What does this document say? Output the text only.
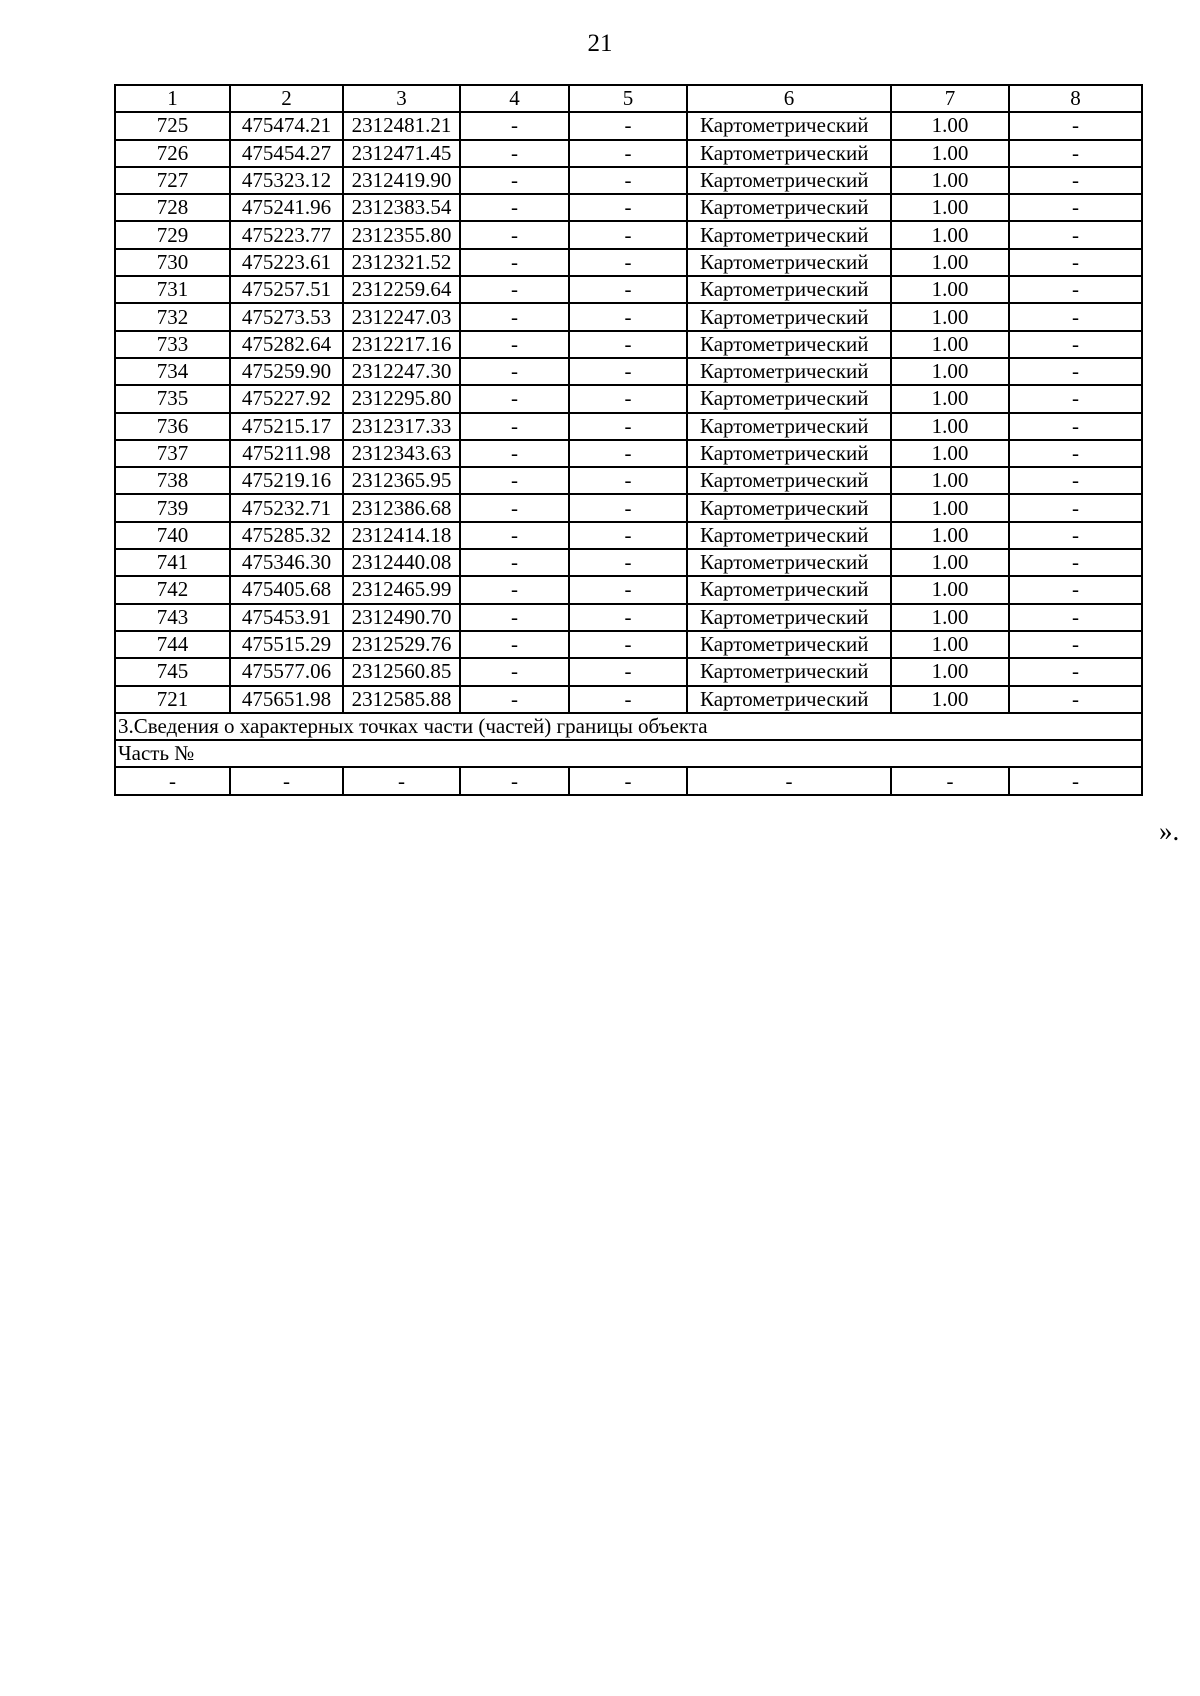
21
1	2	3	4	5	6	7	8
725	475474.21	2312481.21	-	-	Картометрический	1.00	-
726	475454.27	2312471.45	-	-	Картометрический	1.00	-
727	475323.12	2312419.90	-	-	Картометрический	1.00	-
728	475241.96	2312383.54	-	-	Картометрический	1.00	-
729	475223.77	2312355.80	-	-	Картометрический	1.00	-
730	475223.61	2312321.52	-	-	Картометрический	1.00	-
731	475257.51	2312259.64	-	-	Картометрический	1.00	-
732	475273.53	2312247.03	-	-	Картометрический	1.00	-
733	475282.64	2312217.16	-	-	Картометрический	1.00	-
734	475259.90	2312247.30	-	-	Картометрический	1.00	-
735	475227.92	2312295.80	-	-	Картометрический	1.00	-
736	475215.17	2312317.33	-	-	Картометрический	1.00	-
737	475211.98	2312343.63	-	-	Картометрический	1.00	-
738	475219.16	2312365.95	-	-	Картометрический	1.00	-
739	475232.71	2312386.68	-	-	Картометрический	1.00	-
740	475285.32	2312414.18	-	-	Картометрический	1.00	-
741	475346.30	2312440.08	-	-	Картометрический	1.00	-
742	475405.68	2312465.99	-	-	Картометрический	1.00	-
743	475453.91	2312490.70	-	-	Картометрический	1.00	-
744	475515.29	2312529.76	-	-	Картометрический	1.00	-
745	475577.06	2312560.85	-	-	Картометрический	1.00	-
721	475651.98	2312585.88	-	-	Картометрический	1.00	-
3.Сведения о характерных точках части (частей) границы объекта							
Часть №							
-	-	-	-	-	-	-	-
».
